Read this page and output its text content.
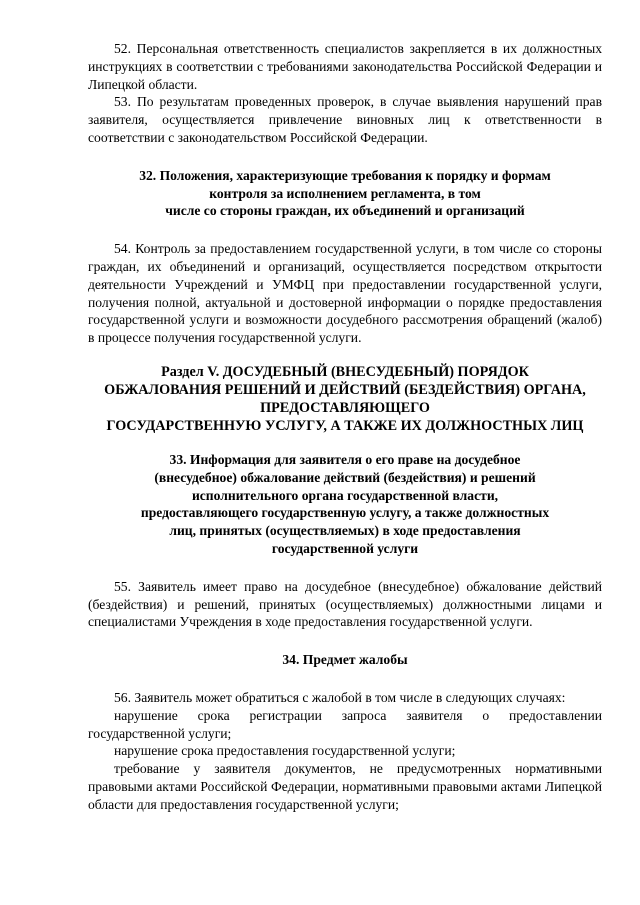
52. Персональная ответственность специалистов закрепляется в их должностных инструкциях в соответствии с требованиями законодательства Российской Федерации и Липецкой области.

53. По результатам проведенных проверок, в случае выявления нарушений прав заявителя, осуществляется привлечение виновных лиц к ответственности в соответствии с законодательством Российской Федерации.

32. Положения, характеризующие требования к порядку и формам

контроля за исполнением регламента, в том

числе со стороны граждан, их объединений и организаций

54. Контроль за предоставлением государственной услуги, в том числе со стороны граждан, их объединений и организаций, осуществляется посредством открытости деятельности Учреждений и УМФЦ при предоставлении государственной услуги, получения полной, актуальной и достоверной информации о порядке предоставления государственной услуги и возможности досудебного рассмотрения обращений (жалоб) в процессе получения государственной услуги.

Раздел V. ДОСУДЕБНЫЙ (ВНЕСУДЕБНЫЙ) ПОРЯДОК

ОБЖАЛОВАНИЯ РЕШЕНИЙ И ДЕЙСТВИЙ (БЕЗДЕЙСТВИЯ) ОРГАНА,

ПРЕДОСТАВЛЯЮЩЕГО

ГОСУДАРСТВЕННУЮ УСЛУГУ, А ТАКЖЕ ИХ ДОЛЖНОСТНЫХ ЛИЦ

33. Информация для заявителя о его праве на досудебное

(внесудебное) обжалование действий (бездействия) и решений

исполнительного органа государственной власти,

предоставляющего государственную услугу, а также должностных

лиц, принятых (осуществляемых) в ходе предоставления

государственной услуги

55. Заявитель имеет право на досудебное (внесудебное) обжалование действий (бездействия) и решений, принятых (осуществляемых) должностными лицами и специалистами Учреждения в ходе предоставления государственной услуги.

34. Предмет жалобы

56. Заявитель может обратиться с жалобой в том числе в следующих случаях:

нарушение срока регистрации запроса заявителя о предоставлении государственной услуги;

нарушение срока предоставления государственной услуги;

требование у заявителя документов, не предусмотренных нормативными правовыми актами Российской Федерации, нормативными правовыми актами Липецкой области для предоставления государственной услуги;
